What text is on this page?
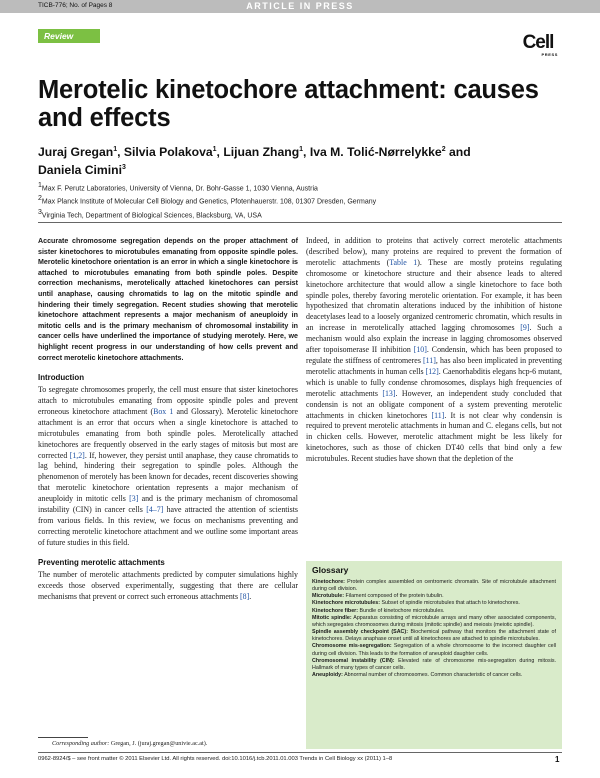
TICB-776; No. of Pages 8	ARTICLE IN PRESS
Review	Cell
PRESS
Merotelic kinetochore attachment: causes and effects

Juraj Gregan$^1$, Silvia Polakova$^1$, Lijuan Zhang$^1$, Iva M. Tolić-Nørrelykke$^2$ and
Daniela Cimini$^3$

$^1$Max F. Perutz Laboratories, University of Vienna, Dr. Bohr-Gasse 1, 1030 Vienna, Austria
$^2$Max Planck Institute of Molecular Cell Biology and Genetics, Pfotenhauerstr. 108, 01307 Dresden, Germany
$^3$Virginia Tech, Department of Biological Sciences, Blacksburg, VA, USA

Accurate chromosome segregation depends on the proper attachment of sister kinetochores to microtubules emanating from opposite spindle poles. Merotelic kinetochore orientation is an error in which a single kinetochore is attached to microtubules emanating from both spindle poles. Despite correction mechanisms, merotelically attached kinetochores can persist until anaphase, causing chromatids to lag on the mitotic spindle and hindering their timely segregation. Recent studies showing that merotelic kinetochore attachment represents a major mechanism of aneuploidy in mitotic cells and is the primary mechanism of chromosomal instability in cancer cells have underlined the importance of studying merotely. Here, we highlight recent progress in our understanding of how cells prevent and correct merotelic kinetochore attachments.

Introduction

To segregate chromosomes properly, the cell must ensure that sister kinetochores attach to microtubules emanating from opposite spindle poles and prevent erroneous kinetochore attachment (Box 1 and Glossary). Merotelic kinetochore attachment is an error that occurs when a single kinetochore is attached to microtubules emanating from both spindle poles. Merotelically attached kinetochores are frequently observed in the early stages of mitosis but most are corrected [1,2]. If, however, they persist until anaphase, they cause chromatids to lag behind, hindering their segregation to spindle poles. Although the phenomenon of merotely has been known for decades, recent discoveries showing that merotelic kinetochore orientation represents a major mechanism of aneuploidy in mitotic cells [3] and is the primary mechanism of chromosomal instability (CIN) in cancer cells [4–7] have attracted the attention of scientists from various fields. In this review, we focus on mechanisms preventing and correcting merotelic kinetochore attachment and we outline some important areas of future studies in this field.

Preventing merotelic attachments

The number of merotelic attachments predicted by computer simulations highly exceeds those observed experimentally, suggesting that there are cellular mechanisms that prevent or correct such erroneous attachments [8].

Indeed, in addition to proteins that actively correct merotelic attachments (described below), many proteins are required to prevent the formation of merotelic attachments (Table 1). These are mostly proteins regulating chromosome or kinetochore structure and their absence leads to altered kinetochore architecture that would allow a single kinetochore to face both spindle poles, thereby favoring merotelic orientation. For example, it has been hypothesized that chromatin alterations induced by the inhibition of histone deacetylases lead to a loosely organized centromeric chromatin, which results in an increase in merotelically attached lagging chromosomes [9]. Such a mechanism would also explain the increase in lagging chromosomes observed after topoisomerase II inhibition [10]. Condensin, which has been proposed to regulate the stiffness of centromeres [11], has also been implicated in preventing merotelic attachments in human cells [12]. Caenorhabditis elegans hcp-6 mutant, which is unable to fully condense chromosomes, displays high frequencies of merotelic attachments [13]. However, an independent study concluded that condensin is not an obligate component of a system preventing merotelic attachments in chicken kinetochores [11]. It is not clear why condensin is required to prevent merotelic attachments in human and C. elegans cells, but not in chicken cells. However, merotelic attachment might be less likely for kinetochores, such as those of chicken DT40 cells that bind only a few microtubules. Recent studies have shown that the depletion of the

Glossary

Kinetochore: Protein complex assembled on centromeric chromatin. Site of microtubule attachment during cell division.

Microtubule: Filament composed of the protein tubulin.

Kinetochore microtubules: Subset of spindle microtubules that attach to kinetochores.

Kinetochore fiber: Bundle of kinetochore microtubules.

Mitotic spindle: Apparatus consisting of microtubule arrays and many other associated components, which segregates chromosomes during mitosis (mitotic spindle) and meiosis (meiotic spindle).

Spindle assembly checkpoint (SAC): Biochemical pathway that monitors the attachment state of kinetochores. Delays anaphase onset until all kinetochores are attached to spindle microtubules.

Chromosome mis-segregation: Segregation of a whole chromosome to the incorrect daughter cell during cell division. This leads to the formation of aneuploid daughter cells.

Chromosomal instability (CIN): Elevated rate of chromosome mis-segregation during mitosis. Hallmark of many types of cancer cells.

Aneuploidy: Abnormal number of chromosomes. Common characteristic of cancer cells.

Corresponding author: Gregan, J. (juraj.gregan@univie.ac.at).
0962-8924/$ – see front matter © 2011 Elsevier Ltd. All rights reserved. doi:10.1016/j.tcb.2011.01.003 Trends in Cell Biology xx (2011) 1–8	1
